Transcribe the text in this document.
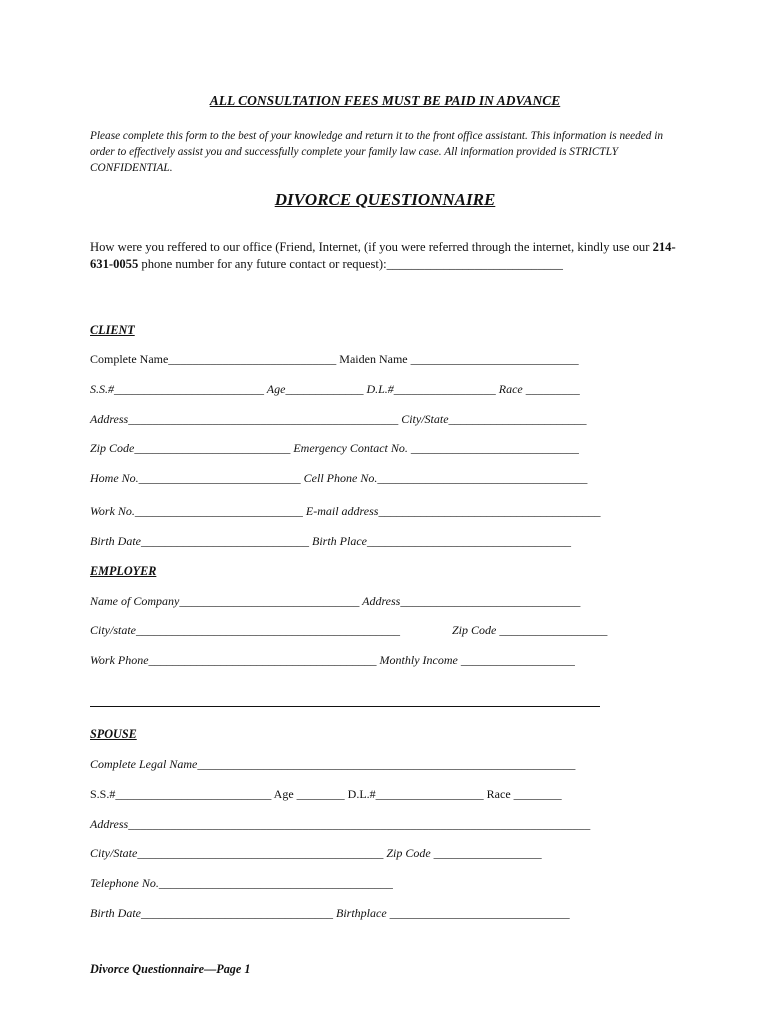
ALL CONSULTATION FEES MUST BE PAID IN ADVANCE
Please complete this form to the best of your knowledge and return it to the front office assistant. This information is needed in order to effectively assist you and successfully complete your family law case. All information provided is STRICTLY CONFIDENTIAL.
DIVORCE QUESTIONNAIRE
How were you reffered to our office (Friend, Internet, (if you were referred through the internet, kindly use our 214-631-0055 phone number for any future contact or request):____________________________
CLIENT
Complete Name____________________________ Maiden Name ____________________________
S.S.#_________________________ Age_____________ D.L.#_________________ Race _________
Address_____________________________________________ City/State_______________________
Zip Code__________________________ Emergency Contact No. ____________________________
Home No.___________________________ Cell Phone No.___________________________________
Work No.____________________________ E-mail address_____________________________________
Birth Date____________________________ Birth Place__________________________________
EMPLOYER
Name of Company______________________________ Address______________________________
City/state____________________________________________	Zip Code __________________
Work Phone______________________________________ Monthly Income ___________________
SPOUSE
Complete Legal Name_______________________________________________________________
S.S.#__________________________ Age ________ D.L.#__________________ Race ________
Address_____________________________________________________________________________
City/State_________________________________________ Zip Code __________________
Telephone No._______________________________________
Birth Date________________________________ Birthplace ______________________________
Divorce Questionnaire—Page 1
